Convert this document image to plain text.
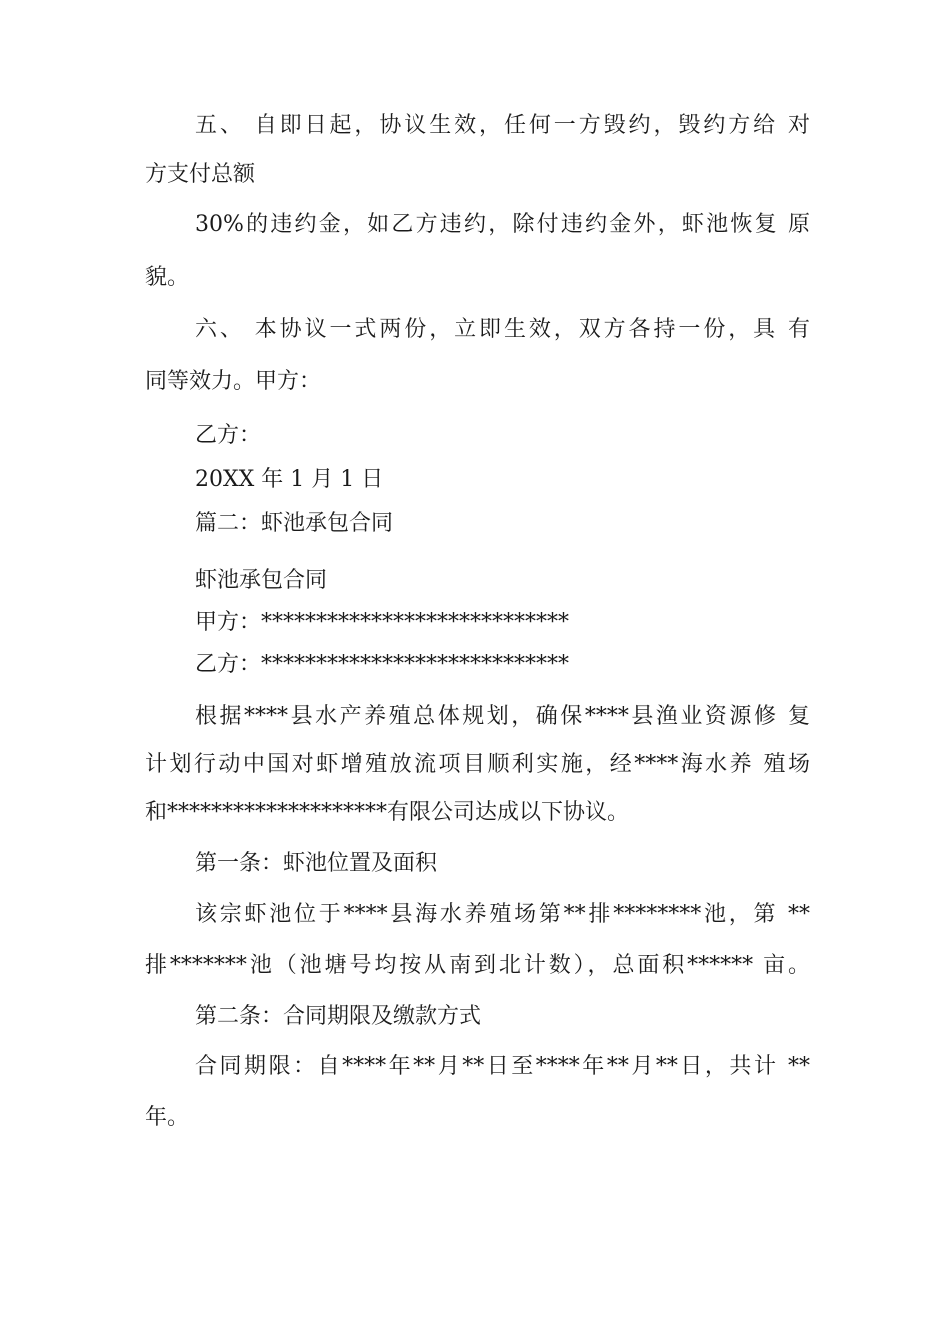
五、 自即日起，协议生效，任何一方毁约，毁约方给 对
方支付总额
30%的违约金，如乙方违约，除付违约金外，虾池恢复 原
貌。
六、 本协议一式两份，立即生效，双方各持一份，具 有
同等效力。甲方：
乙方：
20XX 年 1 月 1 日
篇二：虾池承包合同
虾池承包合同
甲方：****************************
乙方：****************************
根据****县水产养殖总体规划，确保****县渔业资源修 复
计划行动中国对虾增殖放流项目顺利实施，经****海水养 殖场
和********************有限公司达成以下协议。
第一条：虾池位置及面积
该宗虾池位于****县海水养殖场第**排********池，第 **
排*******池（池塘号均按从南到北计数），总面积****** 亩。
第二条：合同期限及缴款方式
合同期限：自****年**月**日至****年**月**日，共计 **
年。
